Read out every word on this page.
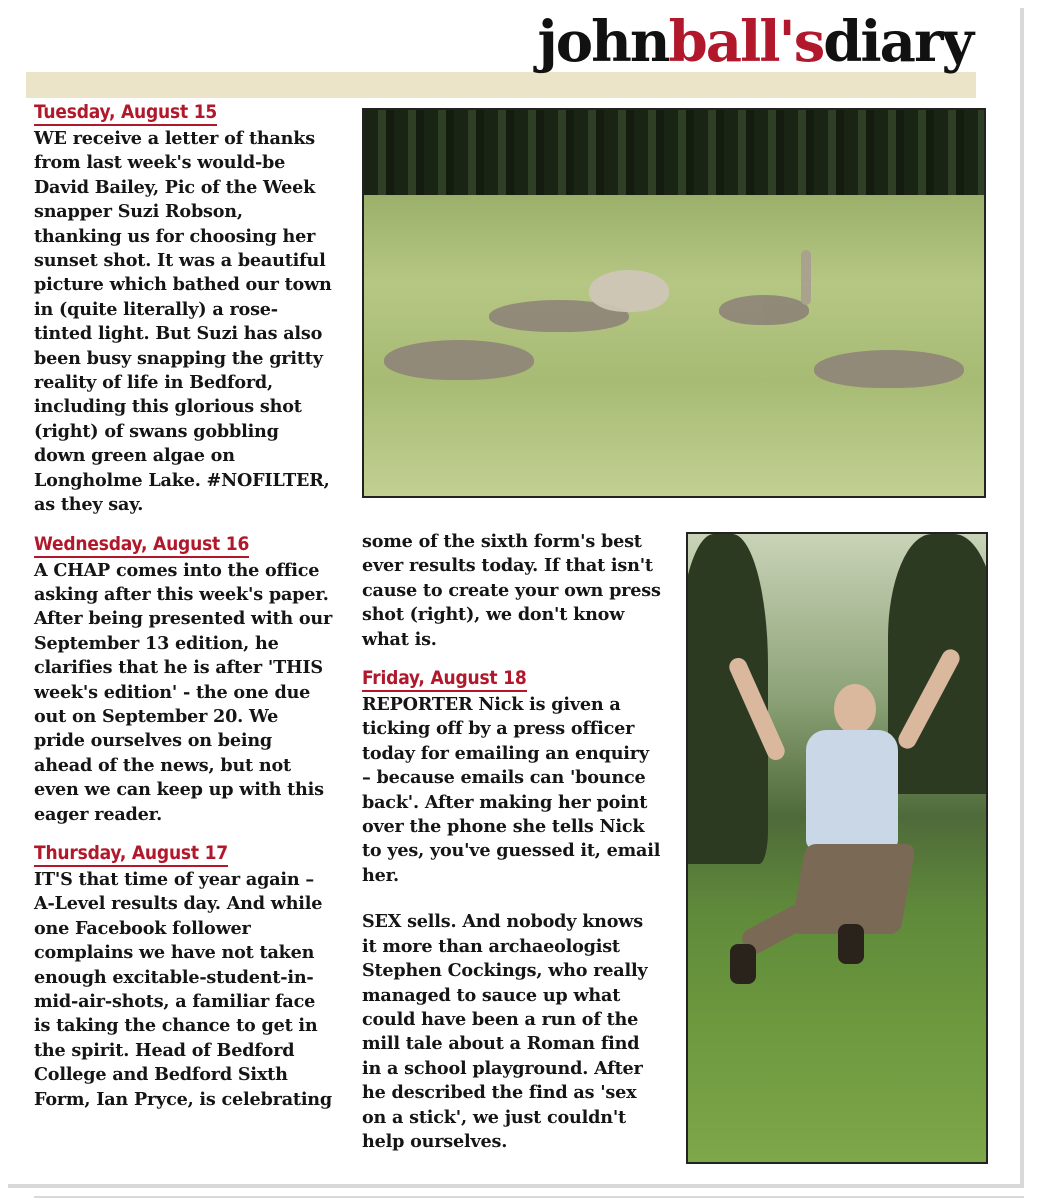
johnball'sdiary
Tuesday, August 15

WE receive a letter of thanks from last week's would-be David Bailey, Pic of the Week snapper Suzi Robson, thanking us for choosing her sunset shot. It was a beautiful picture which bathed our town in (quite literally) a rose-tinted light. But Suzi has also been busy snapping the gritty reality of life in Bedford, including this glorious shot (right) of swans gobbling down green algae on Longholme Lake. #NOFILTER, as they say.

Wednesday, August 16

A CHAP comes into the office asking after this week's paper. After being presented with our September 13 edition, he clarifies that he is after 'THIS week's edition' - the one due out on September 20. We pride ourselves on being ahead of the news, but not even we can keep up with this eager reader.

Thursday, August 17

IT'S that time of year again – A-Level results day. And while one Facebook follower complains we have not taken enough excitable-student-in-mid-air-shots, a familiar face is taking the chance to get in the spirit. Head of Bedford College and Bedford Sixth Form, Ian Pryce, is celebrating

some of the sixth form's best ever results today. If that isn't cause to create your own press shot (right), we don't know what is.

Friday, August 18

REPORTER Nick is given a ticking off by a press officer today for emailing an enquiry – because emails can 'bounce back'. After making her point over the phone she tells Nick to yes, you've guessed it, email her.

SEX sells. And nobody knows it more than archaeologist Stephen Cockings, who really managed to sauce up what could have been a run of the mill tale about a Roman find in a school playground. After he described the find as 'sex on a stick', we just couldn't help ourselves.
